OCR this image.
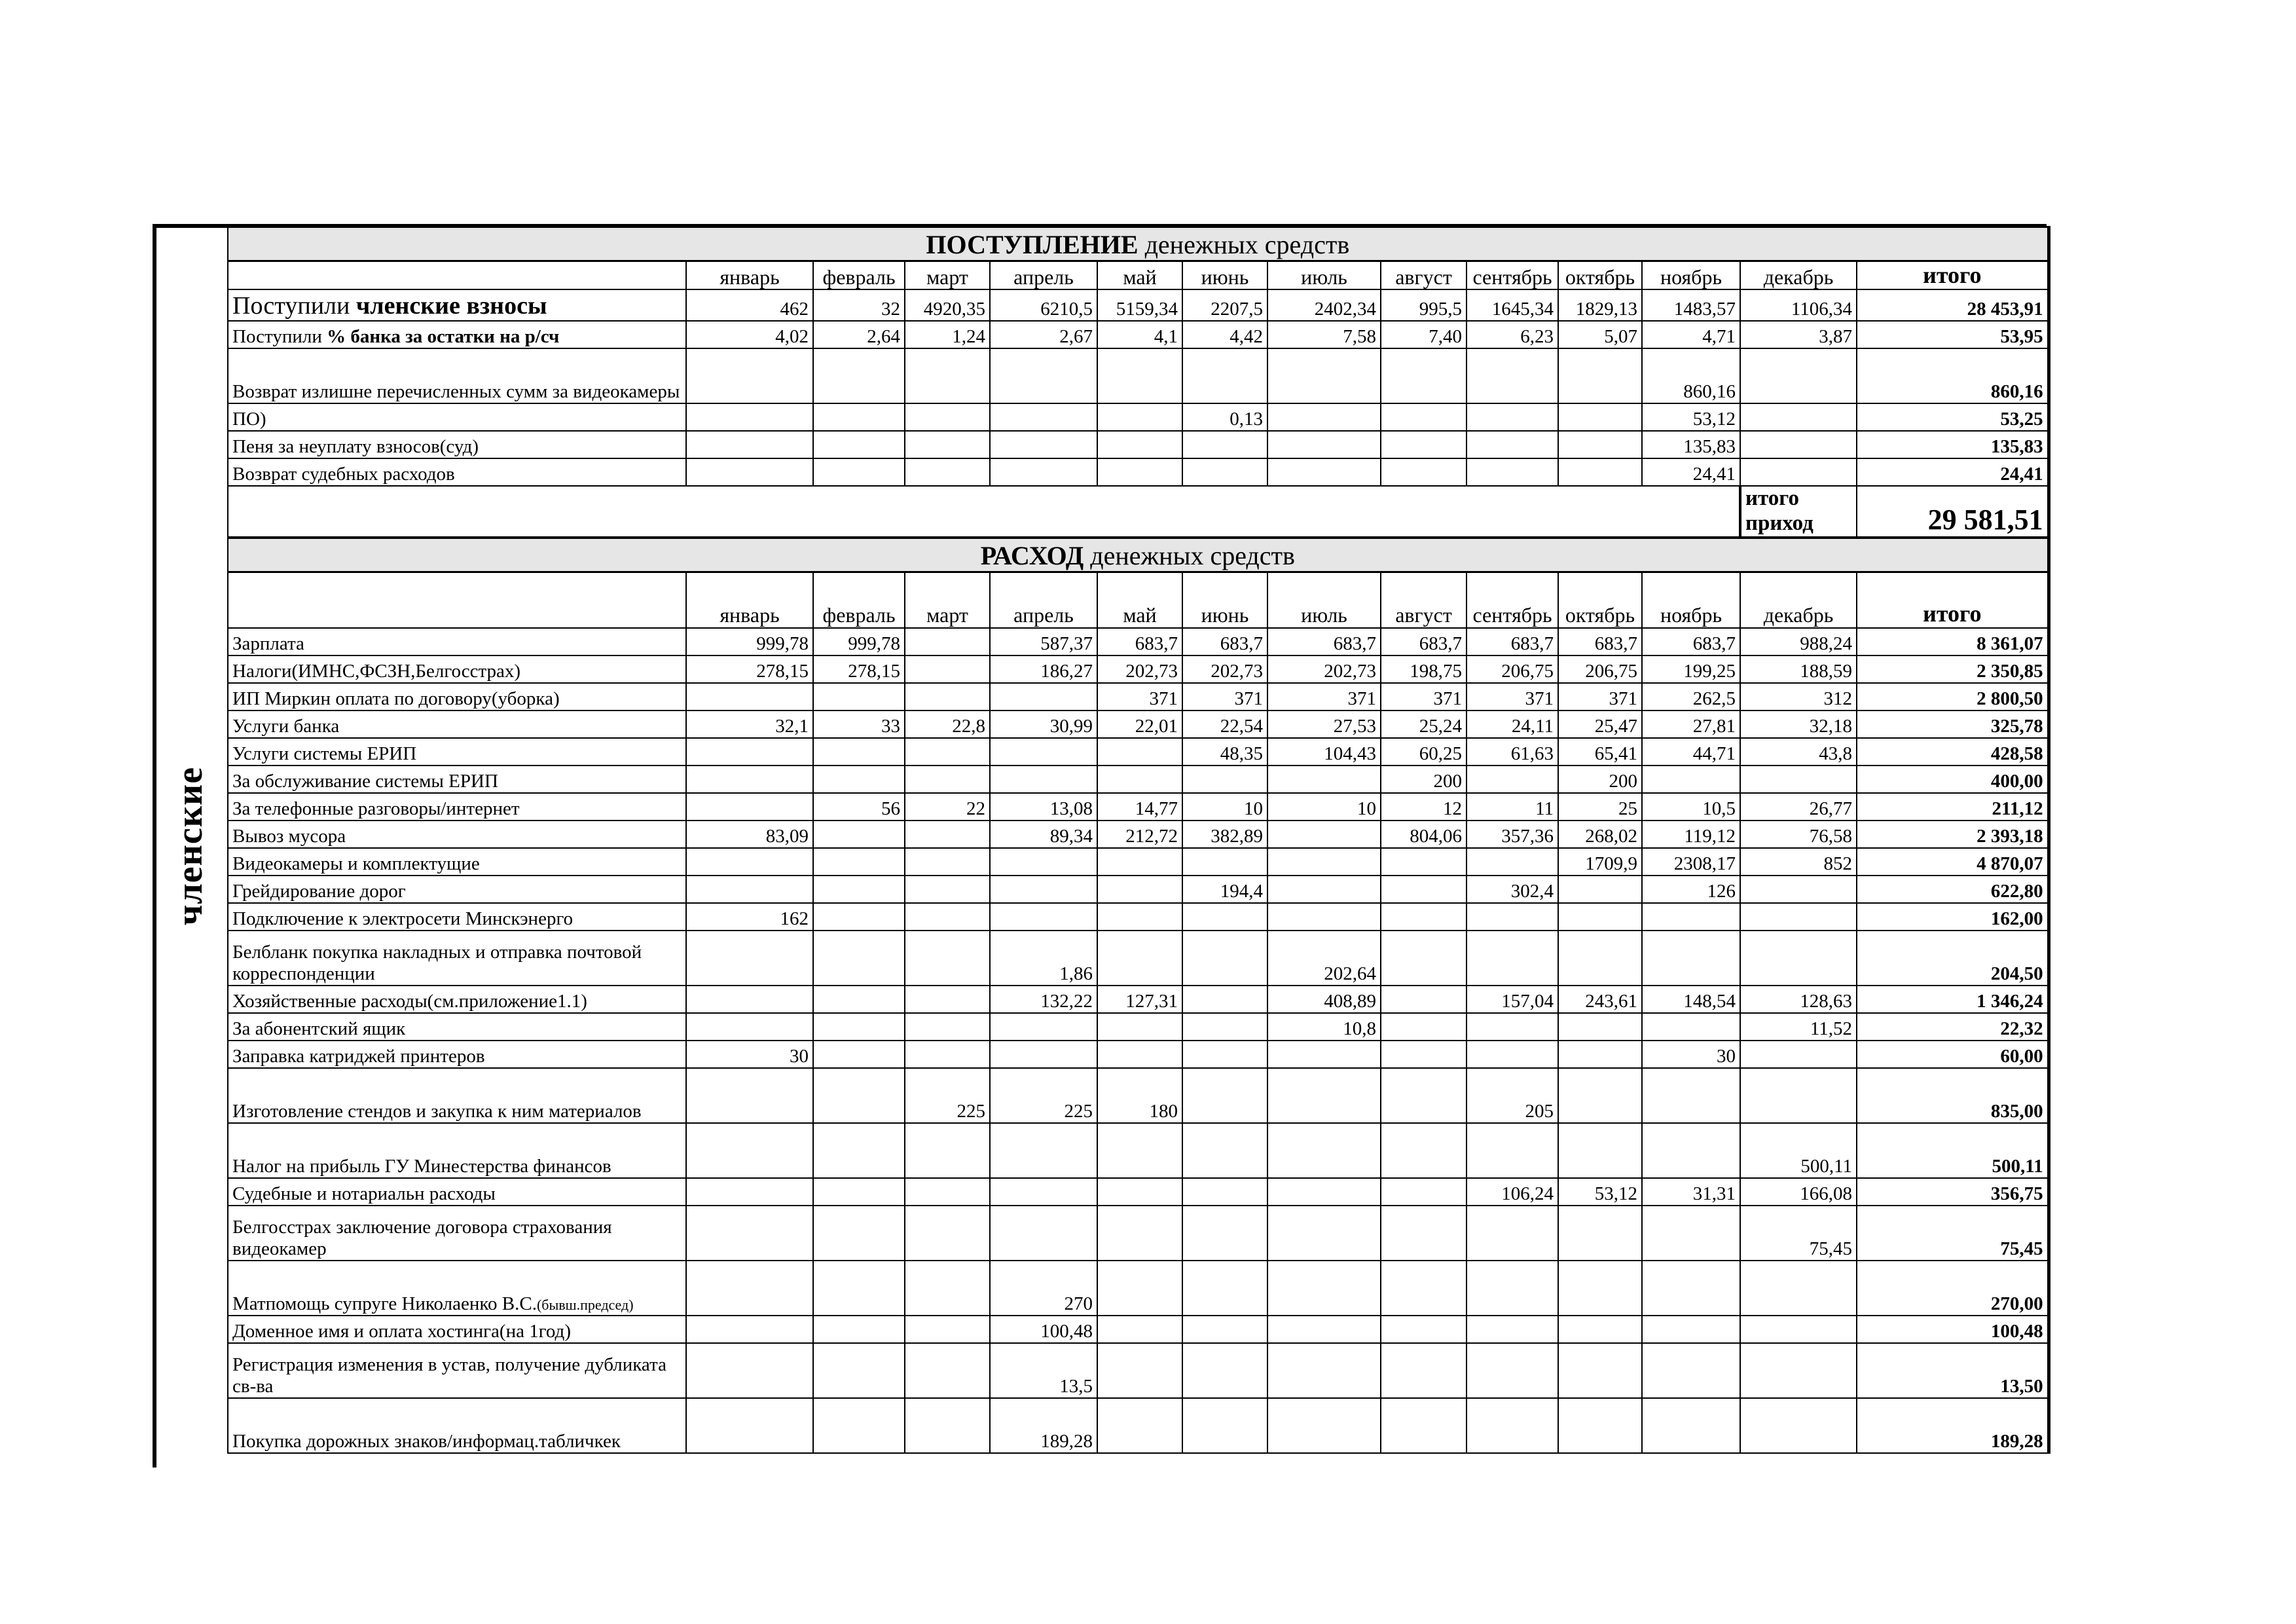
членские
ПОСТУПЛЕНИЕ денежных средств													
	январь	февраль	март	апрель	май	июнь	июль	август	сентябрь	октябрь	ноябрь	декабрь	итого
Поступили членские взносы	462	32	4920,35	6210,5	5159,34	2207,5	2402,34	995,5	1645,34	1829,13	1483,57	1106,34	28 453,91
Поступили % банка за остатки на р/сч	4,02	2,64	1,24	2,67	4,1	4,42	7,58	7,40	6,23	5,07	4,71	3,87	53,95
Возврат излишне перечисленных сумм за видеокамеры											860,16		860,16
ПО)						0,13					53,12		53,25
Пеня за неуплату взносов(суд)											135,83		135,83
Возврат судебных расходов											24,41		24,41
												итого приход	29 581,51
РАСХОД денежных средств													
	январь	февраль	март	апрель	май	июнь	июль	август	сентябрь	октябрь	ноябрь	декабрь	итого
Зарплата	999,78	999,78		587,37	683,7	683,7	683,7	683,7	683,7	683,7	683,7	988,24	8 361,07
Налоги(ИМНС,ФСЗН,Белгосстрах)	278,15	278,15		186,27	202,73	202,73	202,73	198,75	206,75	206,75	199,25	188,59	2 350,85
ИП Миркин оплата по договору(уборка)					371	371	371	371	371	371	262,5	312	2 800,50
Услуги банка	32,1	33	22,8	30,99	22,01	22,54	27,53	25,24	24,11	25,47	27,81	32,18	325,78
Услуги системы ЕРИП						48,35	104,43	60,25	61,63	65,41	44,71	43,8	428,58
За обслуживание системы ЕРИП								200		200			400,00
За телефонные разговоры/интернет		56	22	13,08	14,77	10	10	12	11	25	10,5	26,77	211,12
Вывоз мусора	83,09			89,34	212,72	382,89		804,06	357,36	268,02	119,12	76,58	2 393,18
Видеокамеры и комплектущие										1709,9	2308,17	852	4 870,07
Грейдирование дорог						194,4			302,4		126		622,80
Подключение к электросети Минскэнерго	162												162,00
Белбланк покупка накладных и отправка почтовой корреспонденции				1,86			202,64						204,50
Хозяйственные расходы(см.приложение1.1)				132,22	127,31		408,89		157,04	243,61	148,54	128,63	1 346,24
За абонентский ящик							10,8					11,52	22,32
Заправка катриджей принтеров	30										30		60,00
Изготовление стендов и закупка к ним материалов			225	225	180				205				835,00
Налог на прибыль ГУ Минестерства финансов												500,11	500,11
Судебные и нотариальн расходы									106,24	53,12	31,31	166,08	356,75
Белгосстрах заключение договора страхования видеокамер												75,45	75,45
Матпомощь супруге Николаенко В.С.(бывш.председ)				270									270,00
Доменное имя и оплата хостинга(на 1год)				100,48									100,48
Регистрация изменения в устав, получение дубликата св-ва				13,5									13,50
Покупка дорожных знаков/информац.табличкек				189,28									189,28
